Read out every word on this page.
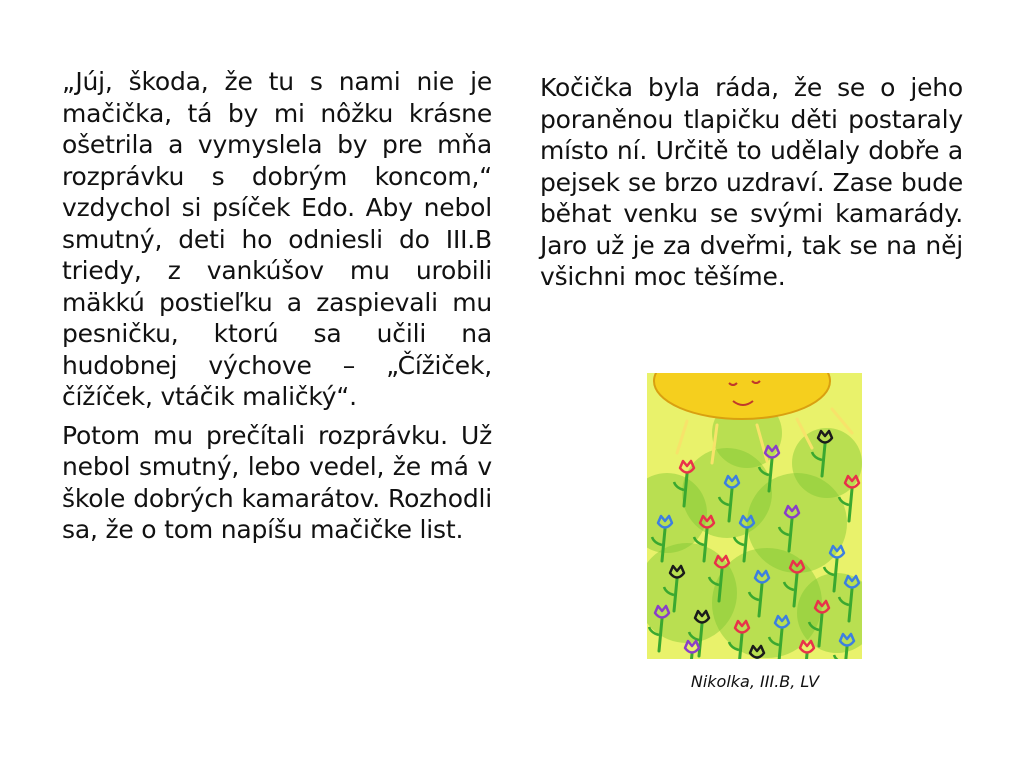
„Júj, škoda, že tu s nami nie je mačička, tá by mi nôžku krásne ošetrila a vymyslela by pre mňa rozprávku s dobrým koncom,“ vzdychol si psíček Edo. Aby nebol smutný, deti ho odniesli do III.B triedy, z vankúšov mu urobili mäkkú postieľku a zaspievali mu pesničku, ktorú sa učili na hudobnej výchove – „Čížiček, čížíček, vtáčik maličký“.

Potom mu prečítali rozprávku. Už nebol smutný, lebo vedel, že má v škole dobrých kamarátov. Rozhodli sa, že o tom napíšu mačičke list.

Kočička byla ráda, že se o jeho poraněnou tlapičku děti postaraly místo ní. Určitě to udělaly dobře a pejsek se brzo uzdraví. Zase bude běhat venku se svými kamarády. Jaro už je za dveřmi, tak se na něj všichni moc těšíme.

Nikolka, III.B, LV
